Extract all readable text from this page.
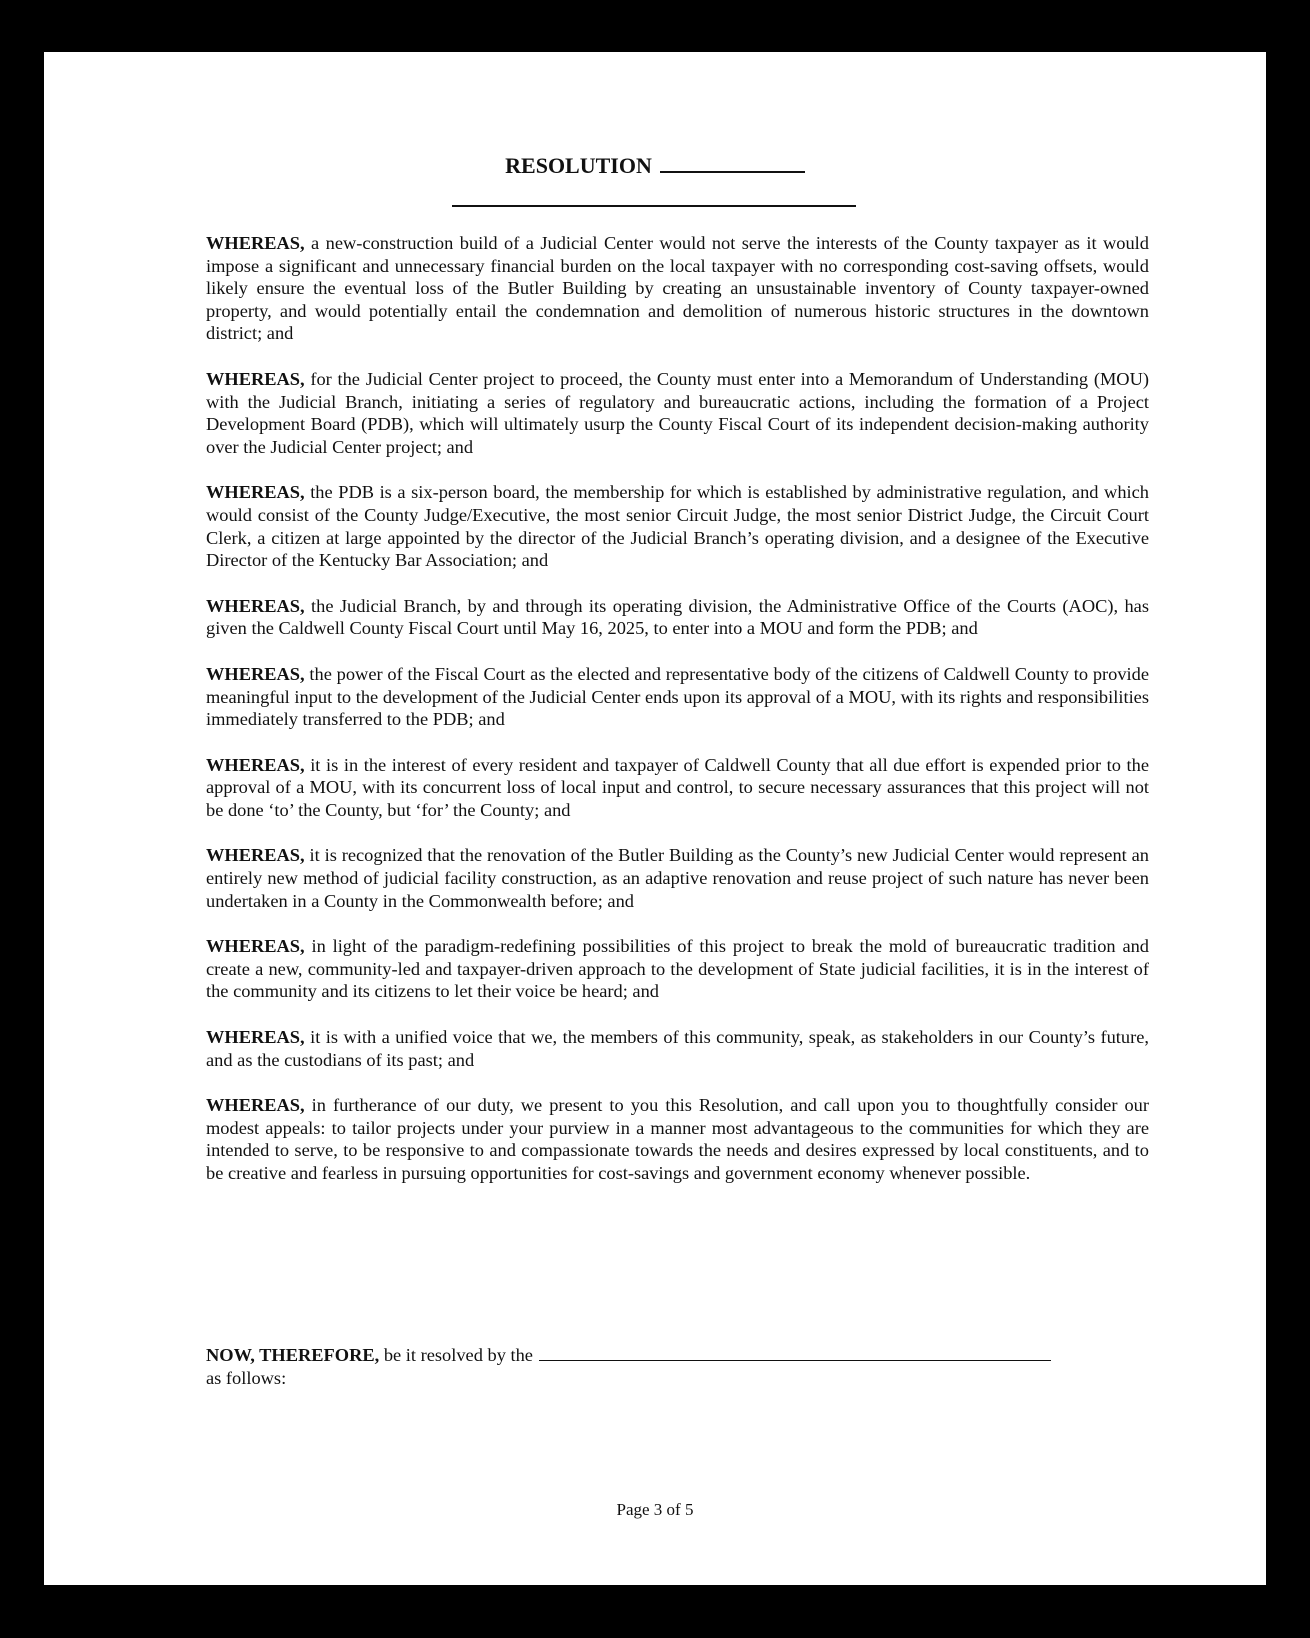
RESOLUTION

WHEREAS, a new-construction build of a Judicial Center would not serve the interests of the County taxpayer as it would impose a significant and unnecessary financial burden on the local taxpayer with no corresponding cost-saving offsets, would likely ensure the eventual loss of the Butler Building by creating an unsustainable inventory of County taxpayer-owned property, and would potentially entail the condemnation and demolition of numerous historic structures in the downtown district; and

WHEREAS, for the Judicial Center project to proceed, the County must enter into a Memorandum of Understanding (MOU) with the Judicial Branch, initiating a series of regulatory and bureaucratic actions, including the formation of a Project Development Board (PDB), which will ultimately usurp the County Fiscal Court of its independent decision-making authority over the Judicial Center project; and

WHEREAS, the PDB is a six-person board, the membership for which is established by administrative regulation, and which would consist of the County Judge/Executive, the most senior Circuit Judge, the most senior District Judge, the Circuit Court Clerk, a citizen at large appointed by the director of the Judicial Branch’s operating division, and a designee of the Executive Director of the Kentucky Bar Association; and

WHEREAS, the Judicial Branch, by and through its operating division, the Administrative Office of the Courts (AOC), has given the Caldwell County Fiscal Court until May 16, 2025, to enter into a MOU and form the PDB; and

WHEREAS, the power of the Fiscal Court as the elected and representative body of the citizens of Caldwell County to provide meaningful input to the development of the Judicial Center ends upon its approval of a MOU, with its rights and responsibilities immediately transferred to the PDB; and

WHEREAS, it is in the interest of every resident and taxpayer of Caldwell County that all due effort is expended prior to the approval of a MOU, with its concurrent loss of local input and control, to secure necessary assurances that this project will not be done ‘to’ the County, but ‘for’ the County; and

WHEREAS, it is recognized that the renovation of the Butler Building as the County’s new Judicial Center would represent an entirely new method of judicial facility construction, as an adaptive renovation and reuse project of such nature has never been undertaken in a County in the Commonwealth before; and

WHEREAS, in light of the paradigm-redefining possibilities of this project to break the mold of bureaucratic tradition and create a new, community-led and taxpayer-driven approach to the development of State judicial facilities, it is in the interest of the community and its citizens to let their voice be heard; and

WHEREAS, it is with a unified voice that we, the members of this community, speak, as stakeholders in our County’s future, and as the custodians of its past; and

WHEREAS, in furtherance of our duty, we present to you this Resolution, and call upon you to thoughtfully consider our modest appeals: to tailor projects under your purview in a manner most advantageous to the communities for which they are intended to serve, to be responsive to and compassionate towards the needs and desires expressed by local constituents, and to be creative and fearless in pursuing opportunities for cost-savings and government economy whenever possible.

NOW, THEREFORE, be it resolved by the
as follows:
Page 3 of 5
